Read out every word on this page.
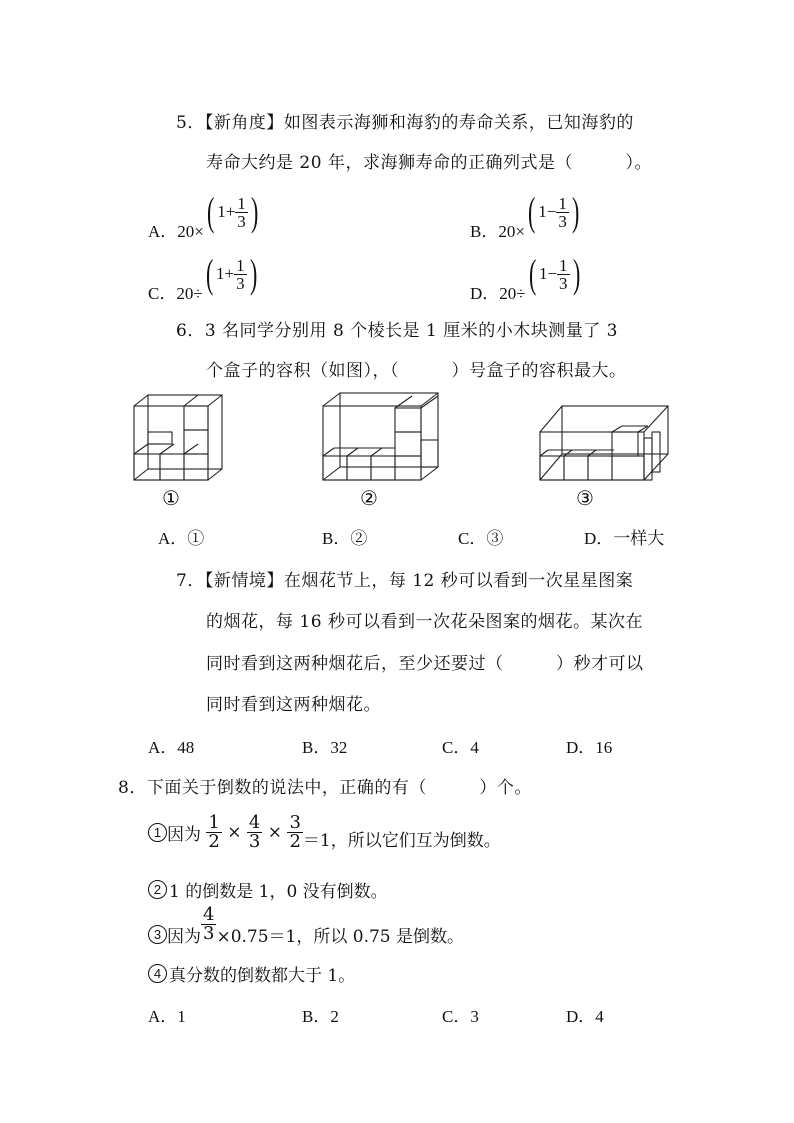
5．【新角度】如图表示海狮和海豹的寿命关系，已知海豹的
寿命大约是 20 年，求海狮寿命的正确列式是（　　　）。
A．20×( $1+ \frac{1}{3}$ )	B．20×( $1- \frac{1}{3}$ )
C．20÷( $1+ \frac{1}{3}$ )	D．20÷( $1- \frac{1}{3}$ )
6．3 名同学分别用 8 个棱长是 1 厘米的小木块测量了 3
个盒子的容积（如图），（　　　）号盒子的容积最大。
①	②	③
A．①	B．②	C．③	D．一样大
7．【新情境】在烟花节上，每 12 秒可以看到一次星星图案
的烟花，每 16 秒可以看到一次花朵图案的烟花。某次在
同时看到这两种烟花后，至少还要过（　　　）秒才可以
同时看到这两种烟花。
A．48	B．32	C．4	D．16
8．下面关于倒数的说法中，正确的有（　　　）个。
1 因为 $\frac{1}{2} \times \frac{4}{3} \times \frac{3}{2} =1$，所以它们互为倒数。
2 1 的倒数是 1，0 没有倒数。
3 因为 $\frac{4}{3} \times 0.75=1$，所以 0.75 是倒数。
4 真分数的倒数都大于 1。
A．1	B．2	C．3	D．4
